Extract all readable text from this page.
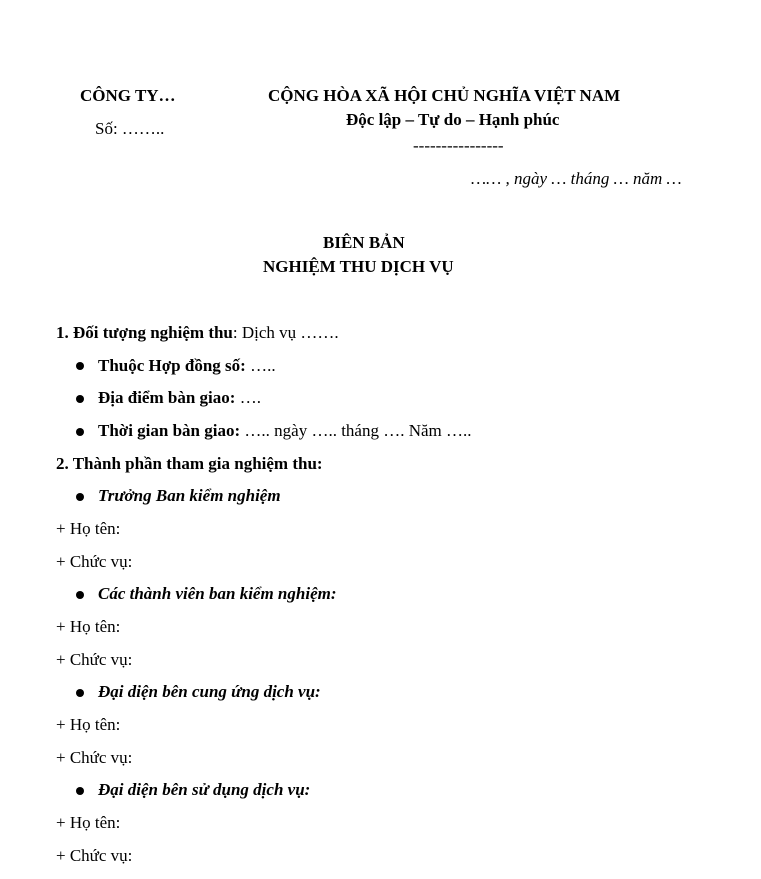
CÔNG TY…
Số: ……..
CỘNG HÒA XÃ HỘI CHỦ NGHĨA VIỆT NAM
Độc lập – Tự do – Hạnh phúc
----------------
…… , ngày … tháng … năm …
BIÊN BẢN
NGHIỆM THU DỊCH VỤ
1. Đối tượng nghiệm thu: Dịch vụ …….
Thuộc Hợp đồng số: …..
Địa điểm bàn giao: ….
Thời gian bàn giao: ….. ngày ….. tháng …. Năm …..
2. Thành phần tham gia nghiệm thu:
Trưởng Ban kiểm nghiệm
+ Họ tên:
+ Chức vụ:
Các thành viên ban kiểm nghiệm:
+ Họ tên:
+ Chức vụ:
Đại diện bên cung ứng dịch vụ:
+ Họ tên:
+ Chức vụ:
Đại diện bên sử dụng dịch vụ:
+ Họ tên:
+ Chức vụ:
